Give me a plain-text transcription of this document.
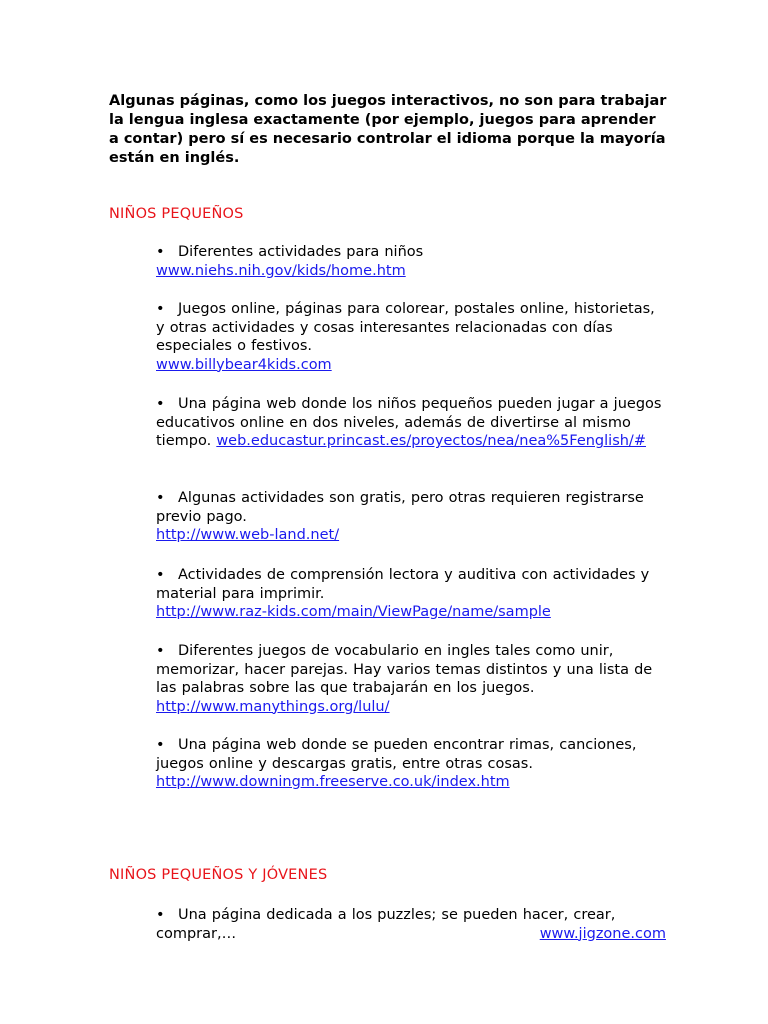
Algunas páginas, como los juegos interactivos, no son para trabajar la lengua inglesa exactamente (por ejemplo, juegos para aprender a contar) pero sí es necesario controlar el idioma porque la mayoría están en inglés.

NIÑOS PEQUEÑOS

• Diferentes actividades para niños
www.niehs.nih.gov/kids/home.htm

• Juegos online, páginas para colorear, postales online, historietas, y otras actividades y cosas interesantes relacionadas con días especiales o festivos.
www.billybear4kids.com

• Una página web donde los niños pequeños pueden jugar a juegos educativos online en dos niveles, además de divertirse al mismo tiempo. web.educastur.princast.es/proyectos/nea/nea%5Fenglish/#

• Algunas actividades son gratis, pero otras requieren registrarse previo pago.
http://www.web-land.net/

• Actividades de comprensión lectora y auditiva con actividades y material para imprimir.
http://www.raz-kids.com/main/ViewPage/name/sample

• Diferentes juegos de vocabulario en ingles tales como unir, memorizar, hacer parejas. Hay varios temas distintos y una lista de las palabras sobre las que trabajarán en los juegos.
http://www.manythings.org/lulu/

• Una página web donde se pueden encontrar rimas, canciones, juegos online y descargas gratis, entre otras cosas.
http://www.downingm.freeserve.co.uk/index.htm

NIÑOS PEQUEÑOS Y JÓVENES

• Una página dedicada a los puzzles; se pueden hacer, crear, comprar,…	www.jigzone.com
